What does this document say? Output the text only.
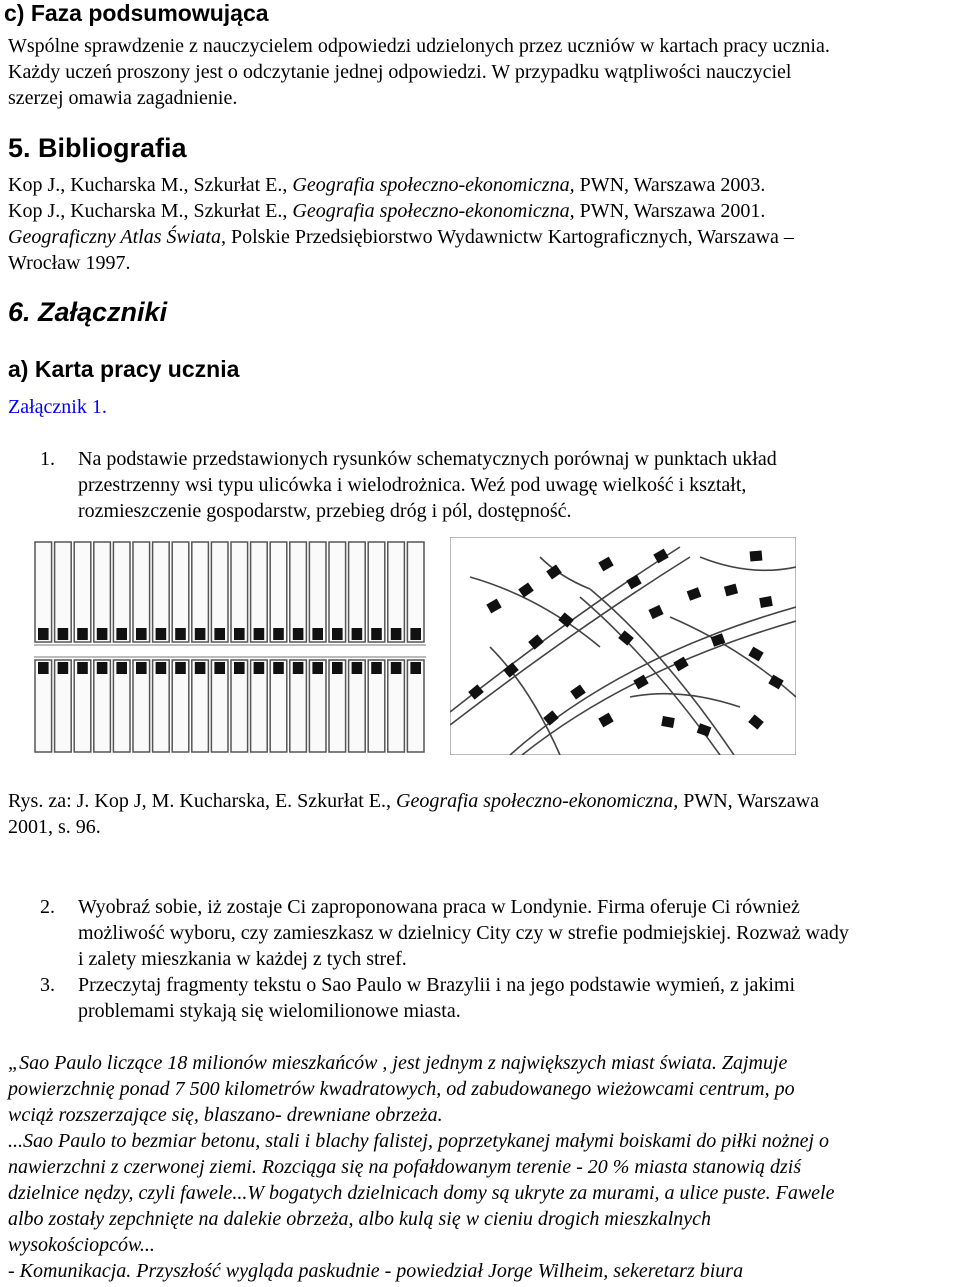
c) Faza podsumowująca
Wspólne sprawdzenie z nauczycielem odpowiedzi udzielonych przez uczniów w kartach pracy ucznia.
Każdy uczeń proszony jest o odczytanie jednej odpowiedzi. W przypadku wątpliwości nauczyciel
szerzej omawia zagadnienie.
5. Bibliografia
Kop J., Kucharska M., Szkurłat E., Geografia społeczno-ekonomiczna, PWN, Warszawa 2003.
Kop J., Kucharska M., Szkurłat E., Geografia społeczno-ekonomiczna, PWN, Warszawa 2001.
Geograficzny Atlas Świata, Polskie Przedsiębiorstwo Wydawnictw Kartograficznych, Warszawa –
Wrocław 1997.
6. Załączniki
a) Karta pracy ucznia
Załącznik 1.
1. Na podstawie przedstawionych rysunków schematycznych porównaj w punktach układ
przestrzenny wsi typu ulicówka i wielodrożnica. Weź pod uwagę wielkość i kształt,
rozmieszczenie gospodarstw, przebieg dróg i pól, dostępność.
Rys. za: J. Kop J, M. Kucharska, E. Szkurłat E., Geografia społeczno-ekonomiczna, PWN, Warszawa
2001, s. 96.
2. Wyobraź sobie, iż zostaje Ci zaproponowana praca w Londynie. Firma oferuje Ci również
możliwość wyboru, czy zamieszkasz w dzielnicy City czy w strefie podmiejskiej. Rozważ wady
i zalety mieszkania w każdej z tych stref.
3. Przeczytaj fragmenty tekstu o Sao Paulo w Brazylii i na jego podstawie wymień, z jakimi
problemami stykają się wielomilionowe miasta.
„Sao Paulo liczące 18 milionów mieszkańców , jest jednym z największych miast świata. Zajmuje
powierzchnię ponad 7 500 kilometrów kwadratowych, od zabudowanego wieżowcami centrum, po
wciąż rozszerzające się, blaszano- drewniane obrzeża.
...Sao Paulo to bezmiar betonu, stali i blachy falistej, poprzetykanej małymi boiskami do piłki nożnej o
nawierzchni z czerwonej ziemi. Rozciąga się na pofałdowanym terenie - 20 % miasta stanowią dziś
dzielnice nędzy, czyli fawele...W bogatych dzielnicach domy są ukryte za murami, a ulice puste. Fawele
albo zostały zepchnięte na dalekie obrzeża, albo kulą się w cieniu drogich mieszkalnych
wysokościopców...
- Komunikacja. Przyszłość wygląda paskudnie - powiedział Jorge Wilheim, sekeretarz biura
